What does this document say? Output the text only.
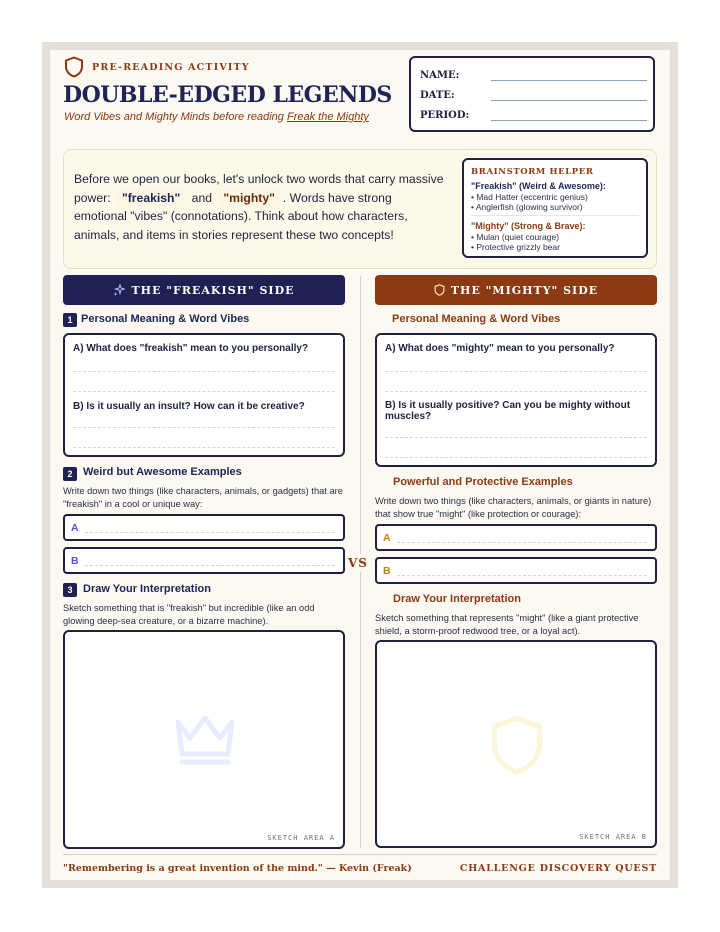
PRE-READING ACTIVITY
DOUBLE-EDGED LEGENDS
Word Vibes and Mighty Minds before reading Freak the Mighty
NAME:
DATE:
PERIOD:
Before we open our books, let's unlock two words that carry massive power: "freakish" and "mighty" . Words have strong emotional "vibes" (connotations). Think about how characters, animals, and items in stories represent these two concepts!
BRAINSTORM HELPER
"Freakish" (Weird & Awesome):
• Mad Hatter (eccentric genius)
• Anglerfish (glowing survivor)
"Mighty" (Strong & Brave):
• Mulan (quiet courage)
• Protective grizzly bear
THE "FREAKISH" SIDE	THE "MIGHTY" SIDE
VS
1 Personal Meaning & Word Vibes
A) What does "freakish" mean to you personally?
B) Is it usually an insult? How can it be creative?
2 Weird but Awesome Examples
Write down two things (like characters, animals, or gadgets) that are "freakish" in a cool or unique way:
A
B
3 Draw Your Interpretation
Sketch something that is "freakish" but incredible (like an odd glowing deep-sea creature, or a bizarre machine).
SKETCH AREA A
Personal Meaning & Word Vibes
A) What does "mighty" mean to you personally?
B) Is it usually positive? Can you be mighty without muscles?
Powerful and Protective Examples
Write down two things (like characters, animals, or giants in nature) that show true "might" (like protection or courage):
A
B
Draw Your Interpretation
Sketch something that represents "might" (like a giant protective shield, a storm-proof redwood tree, or a loyal act).
SKETCH AREA B
"Remembering is a great invention of the mind." — Kevin (Freak)	CHALLENGE DISCOVERY QUEST
